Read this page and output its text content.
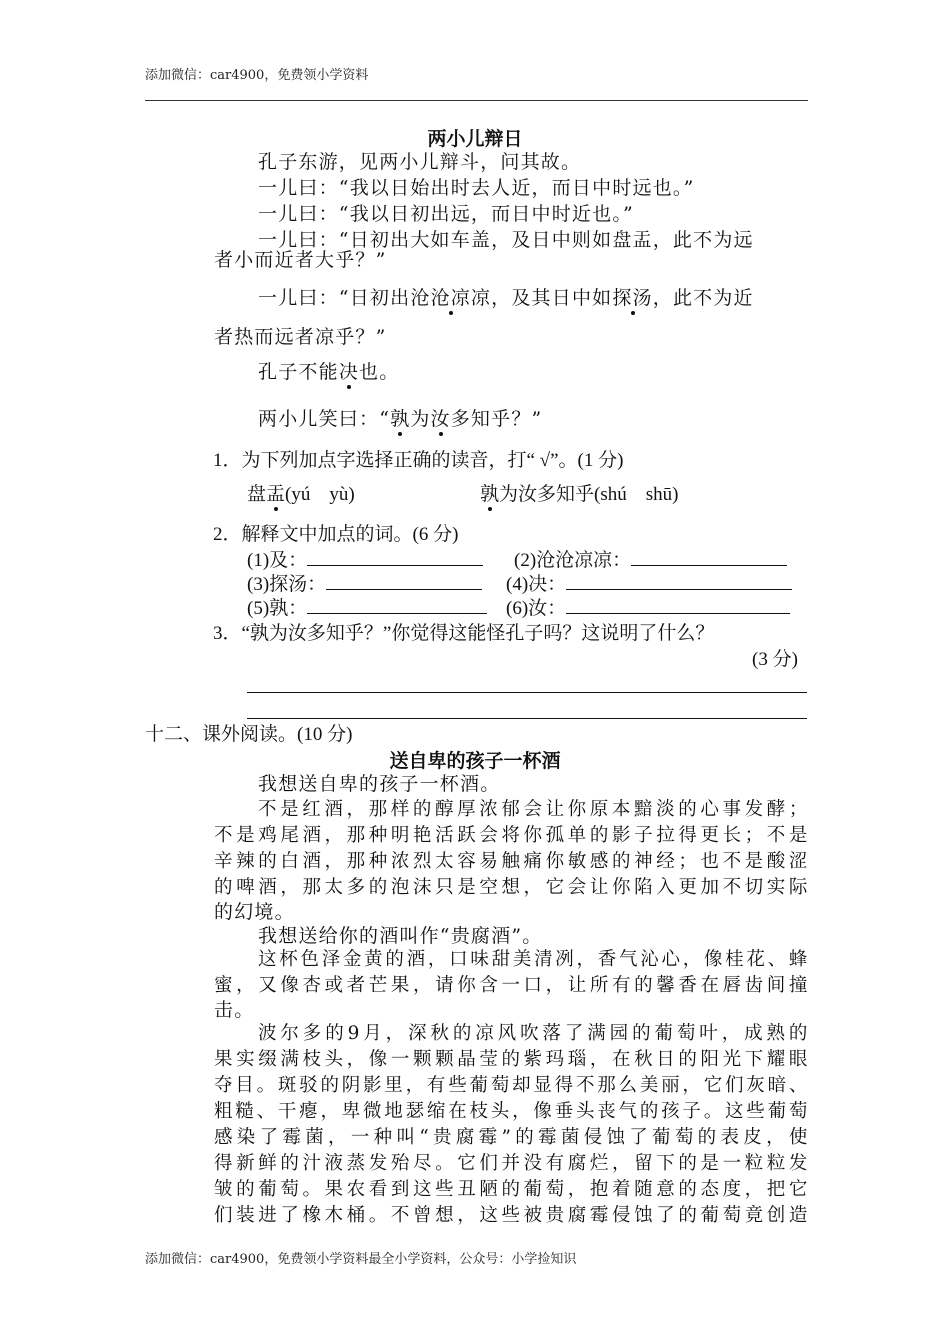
添加微信：car4900，免费领小学资料
两小儿辩日
孔子东游，见两小儿辩斗，问其故。
一儿曰：“我以日始出时去人近，而日中时远也。”
一儿曰：“我以日初出远，而日中时近也。”
一儿曰：“日初出大如车盖，及日中则如盘盂，此不为远
者小而近者大乎？”
一儿曰：“日初出沧沧凉凉，及其日中如探汤，此不为近
者热而远者凉乎？”
孔子不能决也。
两小儿笑曰：“孰为汝多知乎？”
1．为下列加点字选择正确的读音，打“ √”。(1 分)
盘盂(yú　yù)	孰为汝多知乎(shú　shū)
2．解释文中加点的词。(6 分)
(1)及：	(2)沧沧凉凉：
(3)探汤：	(4)决：
(5)孰：	(6)汝：
3．“孰为汝多知乎？”你觉得这能怪孔子吗？这说明了什么？
(3 分)
十二、课外阅读。(10 分)
送自卑的孩子一杯酒
我想送自卑的孩子一杯酒。
不是红酒，那样的醇厚浓郁会让你原本黯淡的心事发酵；
不是鸡尾酒，那种明艳活跃会将你孤单的影子拉得更长；不是
辛辣的白酒，那种浓烈太容易触痛你敏感的神经；也不是酸涩
的啤酒，那太多的泡沫只是空想，它会让你陷入更加不切实际
的幻境。
我想送给你的酒叫作“贵腐酒”。
这杯色泽金黄的酒，口味甜美清冽，香气沁心，像桂花、蜂
蜜，又像杏或者芒果，请你含一口，让所有的馨香在唇齿间撞
击。
波尔多的9月，深秋的凉风吹落了满园的葡萄叶，成熟的
果实缀满枝头，像一颗颗晶莹的紫玛瑙，在秋日的阳光下耀眼
夺目。斑驳的阴影里，有些葡萄却显得不那么美丽，它们灰暗、
粗糙、干瘪，卑微地瑟缩在枝头，像垂头丧气的孩子。这些葡萄
感染了霉菌，一种叫“贵腐霉”的霉菌侵蚀了葡萄的表皮，使
得新鲜的汁液蒸发殆尽。它们并没有腐烂，留下的是一粒粒发
皱的葡萄。果农看到这些丑陋的葡萄，抱着随意的态度，把它
们装进了橡木桶。不曾想，这些被贵腐霉侵蚀了的葡萄竟创造
添加微信：car4900，免费领小学资料最全小学资料，公众号：小学捡知识
